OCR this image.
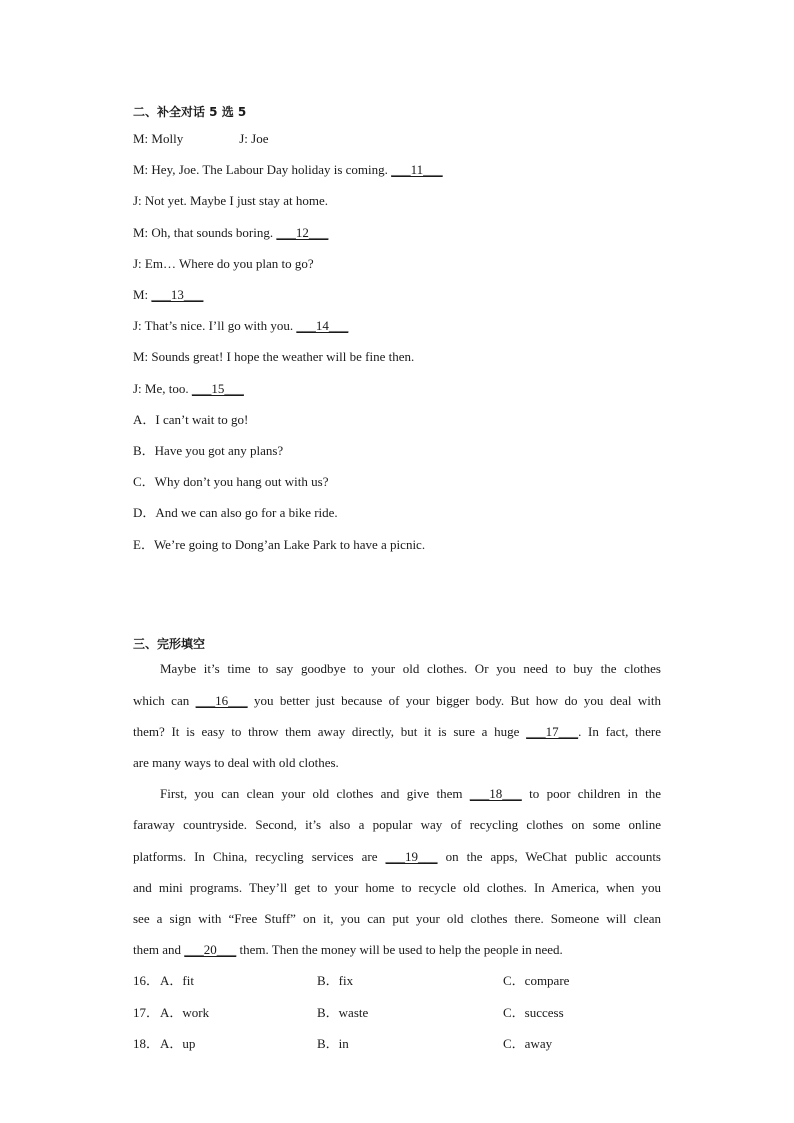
二、补全对话 5 选 5
M: Molly	J: Joe
M: Hey, Joe. The Labour Day holiday is coming. ___11___
J: Not yet. Maybe I just stay at home.
M: Oh, that sounds boring. ___12___
J: Em… Where do you plan to go?
M: ___13___
J: That’s nice. I’ll go with you. ___14___
M: Sounds great! I hope the weather will be fine then.
J: Me, too. ___15___
A．I can’t wait to go!
B．Have you got any plans?
C．Why don’t you hang out with us?
D．And we can also go for a bike ride.
E．We’re going to Dong’an Lake Park to have a picnic.
三、完形填空
Maybe it’s time to say goodbye to your old clothes. Or you need to buy the clothes
which can ___16___ you better just because of your bigger body. But how do you deal with
them? It is easy to throw them away directly, but it is sure a huge ___17___. In fact, there
are many ways to deal with old clothes.
First, you can clean your old clothes and give them ___18___ to poor children in the
faraway countryside. Second, it’s also a popular way of recycling clothes on some online
platforms. In China, recycling services are ___19___ on the apps, WeChat public accounts
and mini programs. They’ll get to your home to recycle old clothes. In America, when you
see a sign with “Free Stuff” on it, you can put your old clothes there. Someone will clean
them and ___20___ them. Then the money will be used to help the people in need.
16． A．fit	B．fix	C．compare
17． A．work	B．waste	C．success
18． A．up	B．in	C．away
